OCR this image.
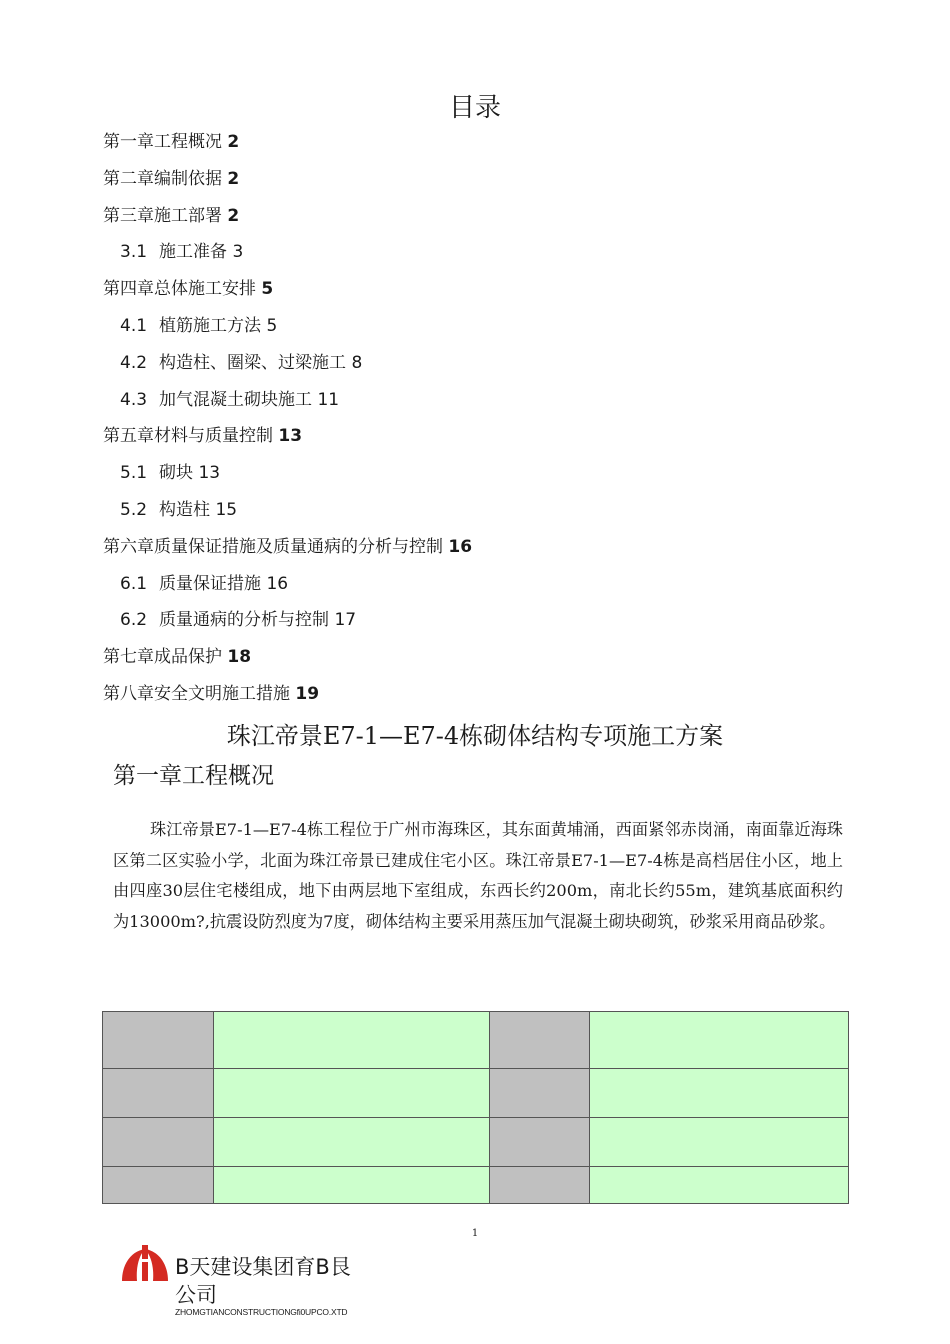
目录
第一章工程概况 2
第二章编制依据 2
第三章施工部署 2
3.1 施工准备 3
第四章总体施工安排 5
4.1 植筋施工方法 5
4.2 构造柱、圈梁、过梁施工 8
4.3 加气混凝土砌块施工 11
第五章材料与质量控制 13
5.1 砌块 13
5.2 构造柱 15
第六章质量保证措施及质量通病的分析与控制 16
6.1 质量保证措施 16
6.2 质量通病的分析与控制 17
第七章成品保护 18
第八章安全文明施工措施 19
珠江帝景E7-1—E7-4栋砌体结构专项施工方案
第一章工程概况
珠江帝景E7-1—E7-4栋工程位于广州市海珠区，其东面黄埔涌，西面紧邻赤岗涌，南面靠近海珠区第二区实验小学，北面为珠江帝景已建成住宅小区。珠江帝景E7-1—E7-4栋是高档居住小区，地上由四座30层住宅楼组成，地下由两层地下室组成，东西长约200m，南北长约55m，建筑基底面积约为13000m?,抗震设防烈度为7度，砌体结构主要采用蒸压加气混凝土砌块砌筑，砂浆采用商品砂浆。

1
B天建设集团育B艮
公司
ZHOMGTIANCONSTRUCTIONGfi0UPCO.XTD
